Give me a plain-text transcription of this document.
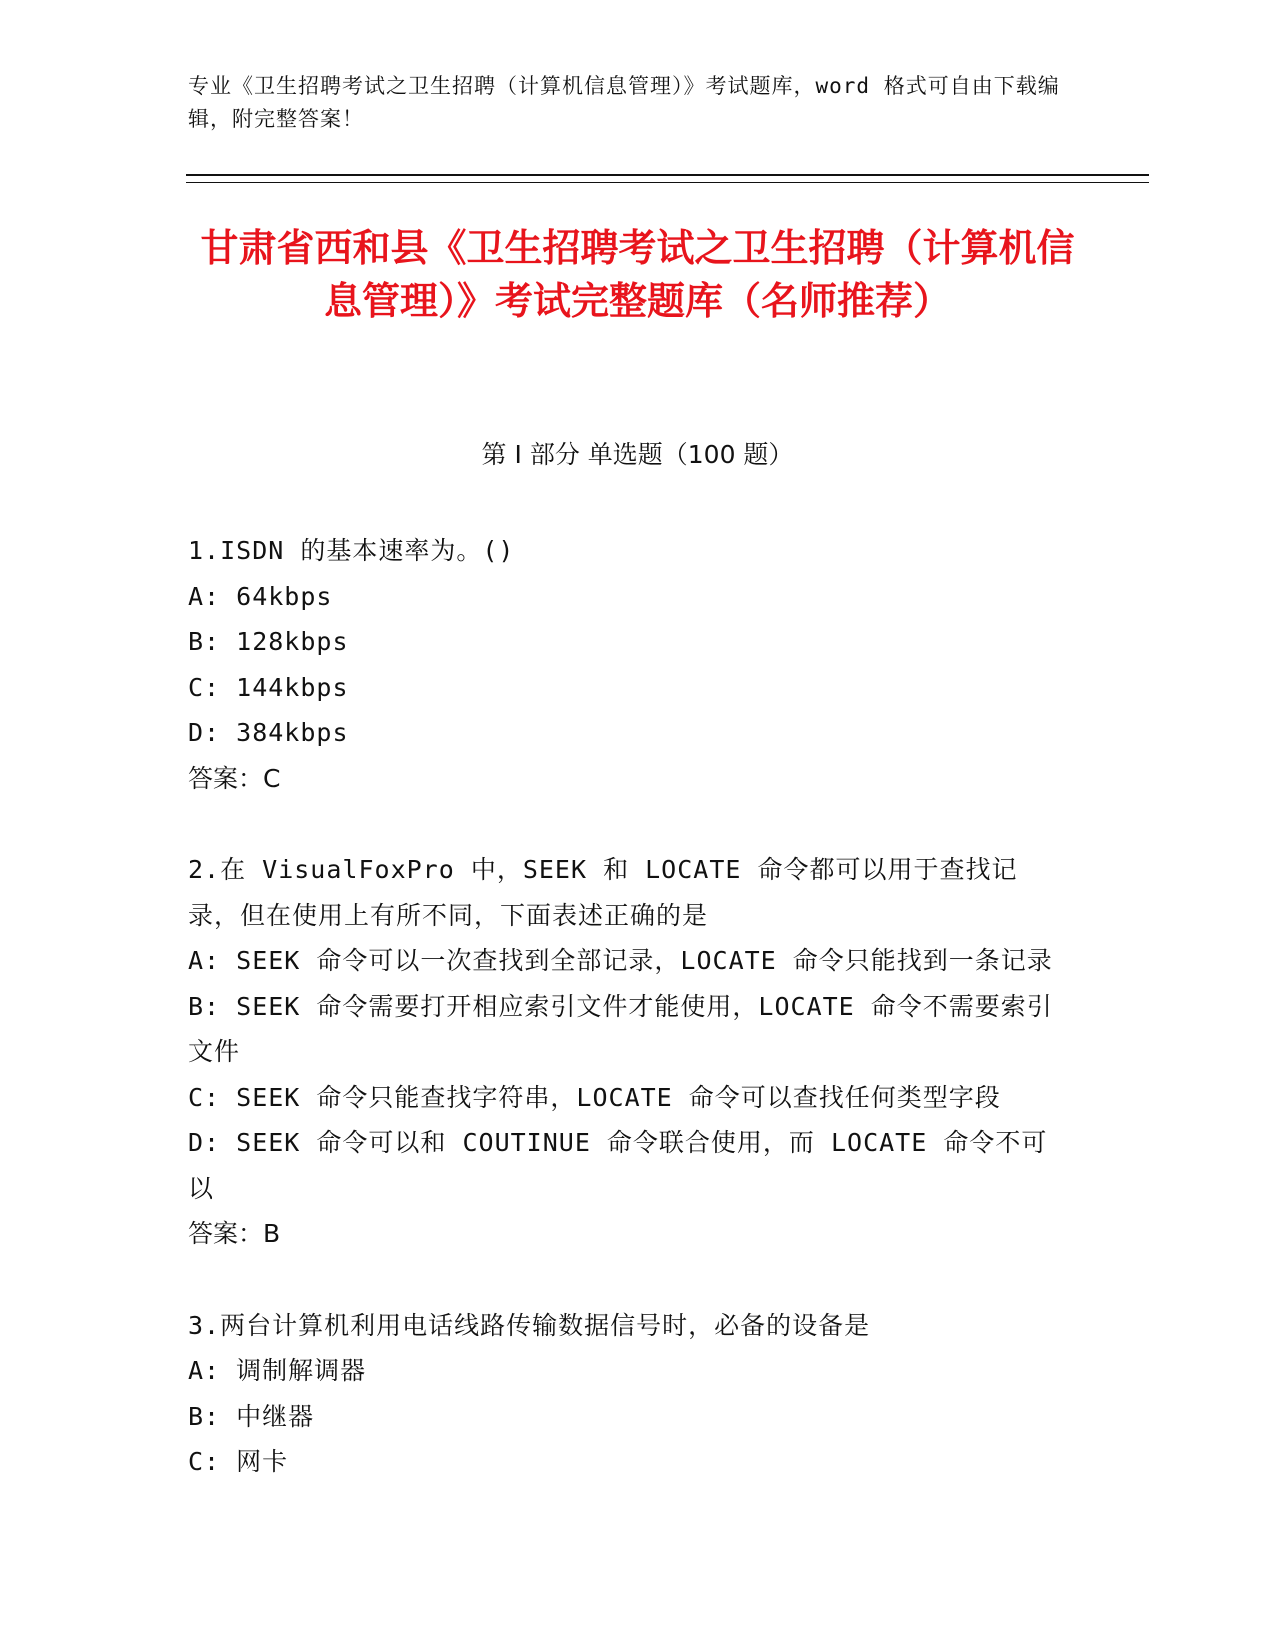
专业《卫生招聘考试之卫生招聘（计算机信息管理）》考试题库，word 格式可自由下载编辑，附完整答案！
甘肃省西和县《卫生招聘考试之卫生招聘（计算机信息管理）》考试完整题库（名师推荐）
第 I 部分 单选题（100 题）

1.ISDN 的基本速率为。()

A: 64kbps

B: 128kbps

C: 144kbps

D: 384kbps

答案：C

2.在 VisualFoxPro 中，SEEK 和 LOCATE 命令都可以用于查找记录，但在使用上有所不同，下面表述正确的是

A: SEEK 命令可以一次查找到全部记录，LOCATE 命令只能找到一条记录

B: SEEK 命令需要打开相应索引文件才能使用，LOCATE 命令不需要索引文件

C: SEEK 命令只能查找字符串，LOCATE 命令可以查找任何类型字段

D: SEEK 命令可以和 COUTINUE 命令联合使用，而 LOCATE 命令不可以

答案：B

3.两台计算机利用电话线路传输数据信号时，必备的设备是

A: 调制解调器

B: 中继器

C: 网卡
